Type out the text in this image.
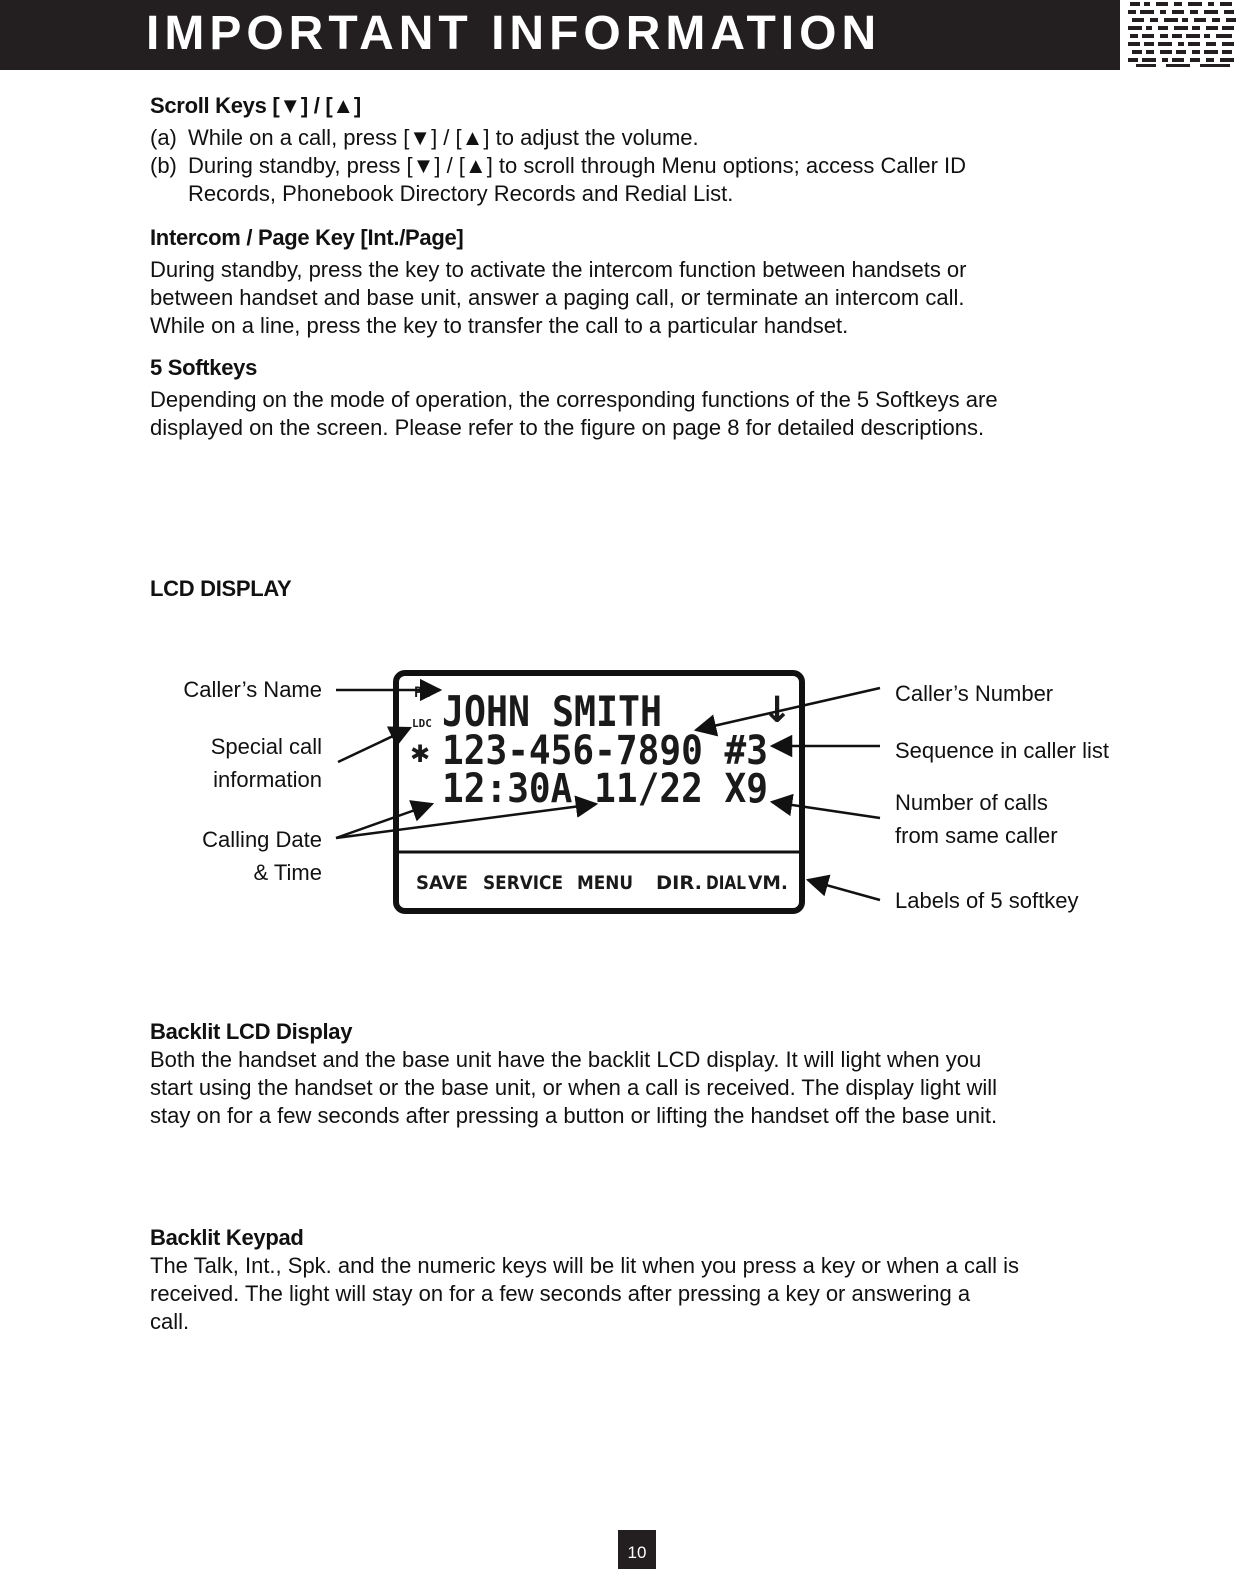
IMPORTANT INFORMATION

Scroll Keys [▼] / [▲]

(a) While on a call, press [▼] / [▲] to adjust the volume.
(b) During standby, press [▼] / [▲] to scroll through Menu options; access Caller ID
Records, Phonebook Directory Records and Redial List.

Intercom / Page Key [Int./Page]

During standby, press the key to activate the intercom function between handsets or

between handset and base unit, answer a paging call, or terminate an intercom call.

While on a line, press the key to transfer the call to a particular handset.

5 Softkeys

Depending on the mode of operation, the corresponding functions of the 5 Softkeys are

displayed on the screen. Please refer to the figure on page 8 for detailed descriptions.

LCD DISPLAY

PC
LDC
✱
JOHN SMITH	↓
123-456-7890 #3
12:30A 11/22 X9
SAVE SERVICE MENU DIR. DIAL VM.
Caller’s Name
Special call
information
Calling Date
& Time
Caller’s Number
Sequence in caller list
Number of calls
from same caller
Labels of 5 softkey

Backlit LCD Display

Both the handset and the base unit have the backlit LCD display. It will light when you

start using the handset or the base unit, or when a call is received. The display light will

stay on for a few seconds after pressing a button or lifting the handset off the base unit.

Backlit Keypad

The Talk, Int., Spk. and the numeric keys will be lit when you press a key or when a call is

received. The light will stay on for a few seconds after pressing a key or answering a

call.

10
